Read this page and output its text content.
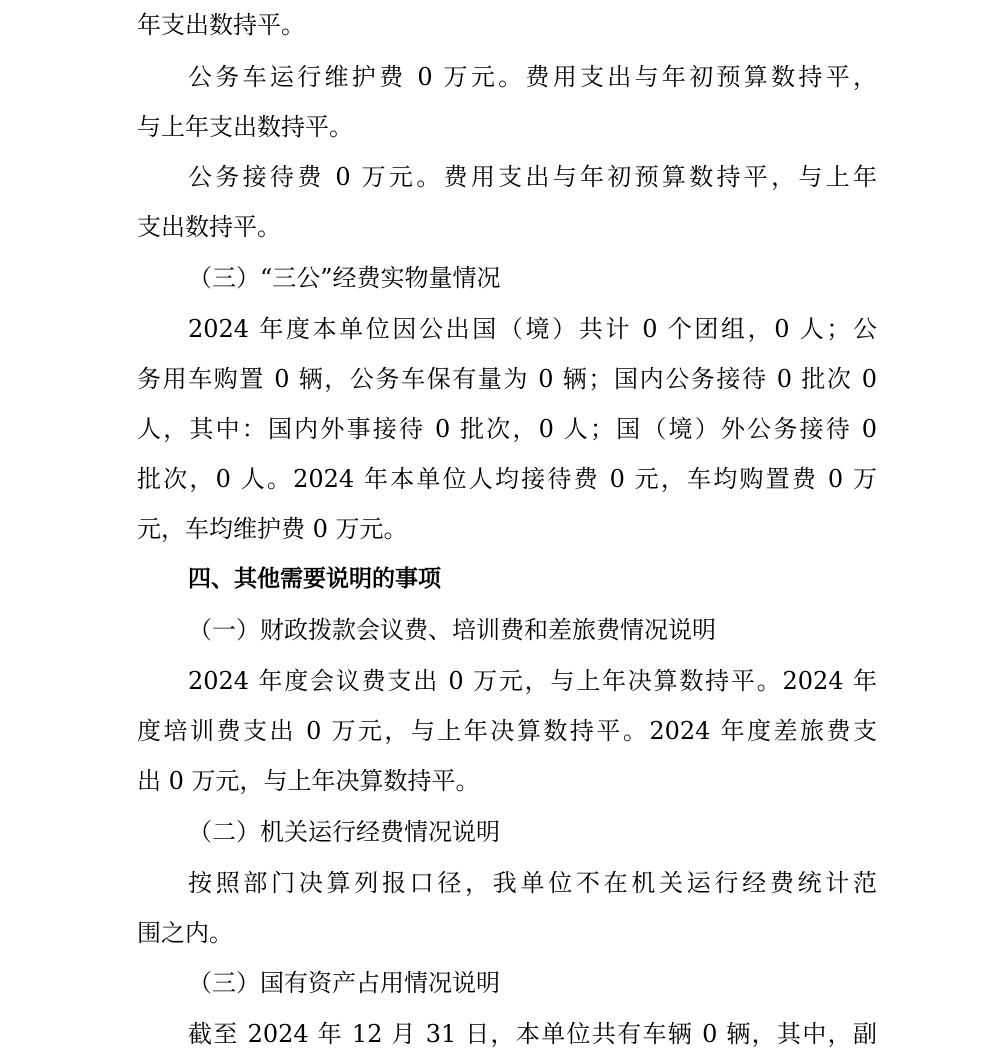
年支出数持平。
公务车运行维护费 0 万元。费用支出与年初预算数持平，
与上年支出数持平。
公务接待费 0 万元。费用支出与年初预算数持平，与上年
支出数持平。
（三）“三公”经费实物量情况
2024 年度本单位因公出国（境）共计 0 个团组，0 人；公
务用车购置 0 辆，公务车保有量为 0 辆；国内公务接待 0 批次 0
人，其中：国内外事接待 0 批次，0 人；国（境）外公务接待 0
批次，0 人。2024 年本单位人均接待费 0 元，车均购置费 0 万
元，车均维护费 0 万元。
四、其他需要说明的事项
（一）财政拨款会议费、培训费和差旅费情况说明
2024 年度会议费支出 0 万元，与上年决算数持平。2024 年
度培训费支出 0 万元，与上年决算数持平。2024 年度差旅费支
出 0 万元，与上年决算数持平。
（二）机关运行经费情况说明
按照部门决算列报口径，我单位不在机关运行经费统计范
围之内。
（三）国有资产占用情况说明
截至 2024 年 12 月 31 日，本单位共有车辆 0 辆，其中，副
